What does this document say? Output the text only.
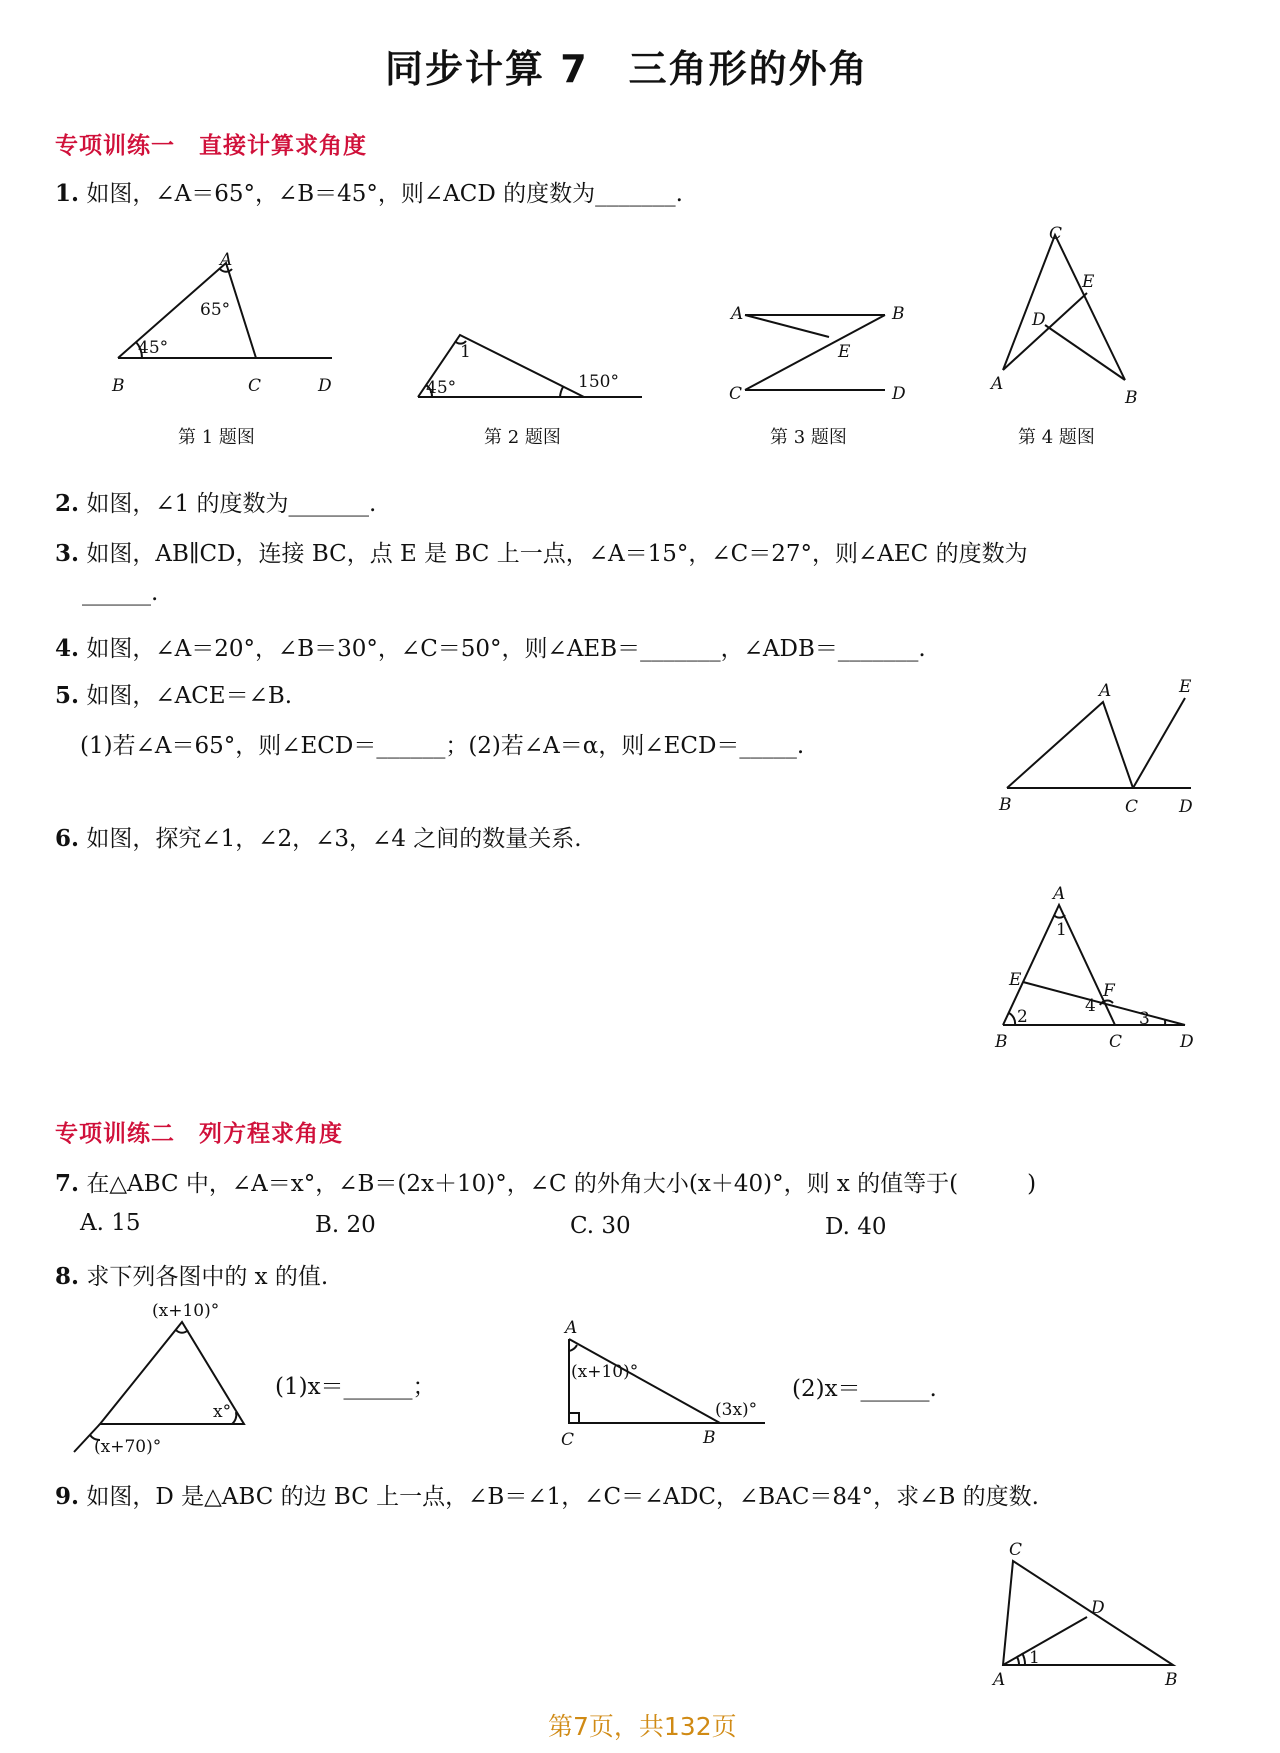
同步计算 7　三角形的外角
专项训练一　直接计算求角度
1. 如图，∠A＝65°，∠B＝45°，则∠ACD 的度数为_______.
A
B	C	D
65°
45°
第 1 题图
1
45°	150°
第 2 题图
A	B
C	D
E
第 3 题图
C
A
B
D
E
第 4 题图
2. 如图，∠1 的度数为_______.
3. 如图，AB∥CD，连接 BC，点 E 是 BC 上一点，∠A＝15°，∠C＝27°，则∠AEC 的度数为
______.
4. 如图，∠A＝20°，∠B＝30°，∠C＝50°，则∠AEB＝_______，∠ADB＝_______.
5. 如图，∠ACE＝∠B.
(1)若∠A＝65°，则∠ECD＝______；(2)若∠A＝α，则∠ECD＝_____.
A	E
B	C D
6. 如图，探究∠1，∠2，∠3，∠4 之间的数量关系.
A
E
F
B	C	D
1
2	3
4
专项训练二　列方程求角度
7. 在△ABC 中，∠A＝x°，∠B＝(2x＋10)°，∠C 的外角大小(x＋40)°，则 x 的值等于(　　　)
A. 15	B. 20	C. 30	D. 40
8. 求下列各图中的 x 的值.
(x+10)°
x°
(x+70)°
(1)x＝______；
A
C	B
(x+10)°
(3x)°
(2)x＝______.
9. 如图，D 是△ABC 的边 BC 上一点，∠B＝∠1，∠C＝∠ADC，∠BAC＝84°，求∠B 的度数.
C
D
A	B
1
第7页，共132页
